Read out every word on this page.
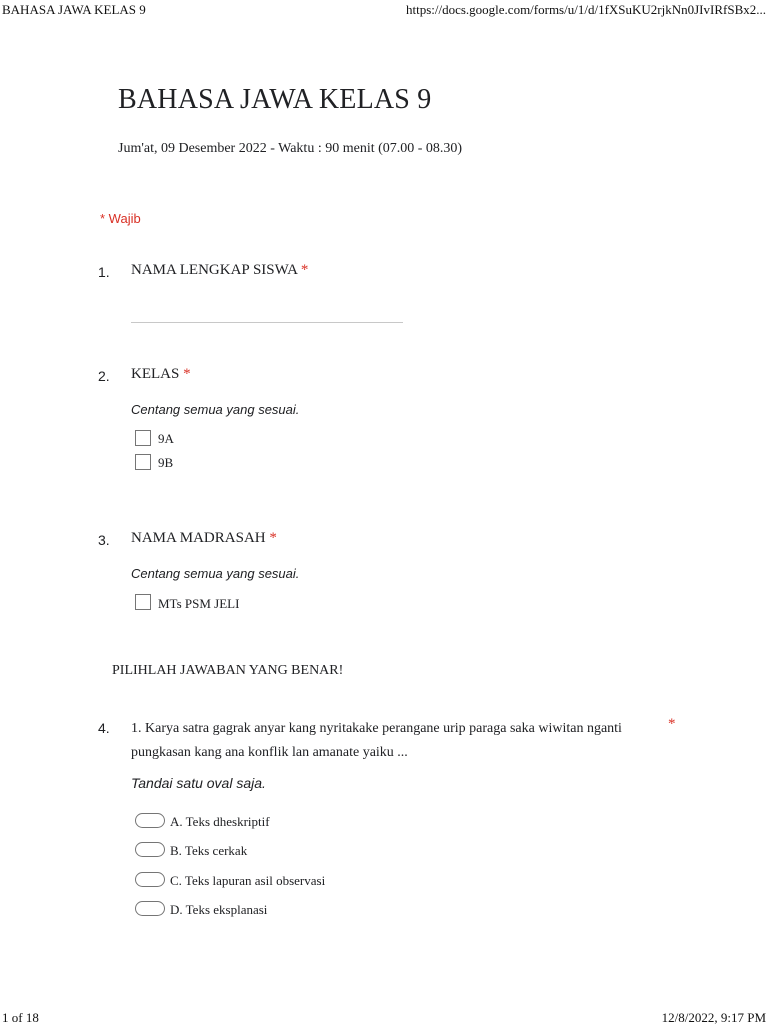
BAHASA JAWA KELAS 9	https://docs.google.com/forms/u/1/d/1fXSuKU2rjkNn0JIvIRfSBx2...
BAHASA JAWA KELAS 9
Jum'at, 09 Desember 2022 - Waktu : 90 menit (07.00 - 08.30)
* Wajib
1. NAMA LENGKAP SISWA *
2. KELAS *
Centang semua yang sesuai.
9A
9B
3. NAMA MADRASAH *
Centang semua yang sesuai.
MTs PSM JELI
PILIHLAH JAWABAN YANG BENAR!
4. 1. Karya satra gagrak anyar kang nyritakake perangane urip paraga saka wiwitan nganti pungkasan kang ana konflik lan amanate yaiku ...
*
Tandai satu oval saja.
A. Teks dheskriptif
B. Teks cerkak
C. Teks lapuran asil observasi
D. Teks eksplanasi
1 of 18	12/8/2022, 9:17 PM
